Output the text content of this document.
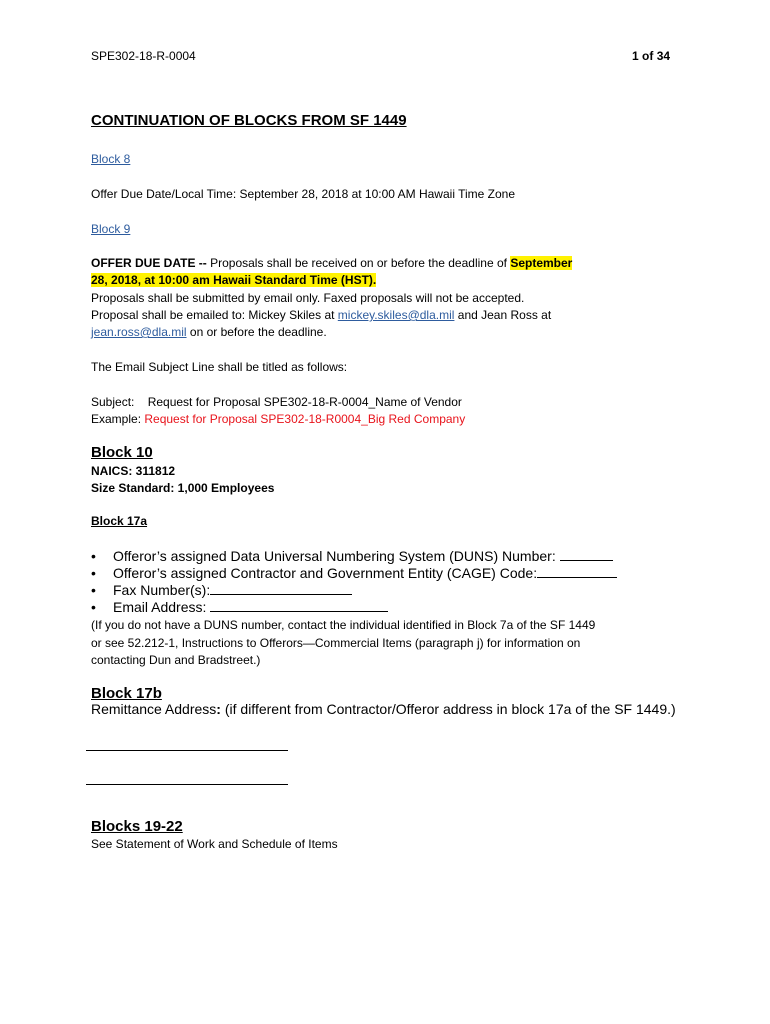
SPE302-18-R-0004	1 of 34
CONTINUATION OF BLOCKS FROM SF 1449
Block 8
Offer Due Date/Local Time: September 28, 2018 at 10:00 AM Hawaii Time Zone
Block 9
OFFER DUE DATE -- Proposals shall be received on or before the deadline of September
28, 2018, at 10:00 am Hawaii Standard Time (HST).
Proposals shall be submitted by email only. Faxed proposals will not be accepted.
Proposal shall be emailed to: Mickey Skiles at mickey.skiles@dla.mil and Jean Ross at
jean.ross@dla.mil on or before the deadline.
The Email Subject Line shall be titled as follows:
Subject:    Request for Proposal SPE302-18-R-0004_Name of Vendor
Example: Request for Proposal SPE302-18-R0004_Big Red Company
Block 10
NAICS: 311812
Size Standard: 1,000 Employees
Block 17a
• Offeror’s assigned Data Universal Numbering System (DUNS) Number:
• Offeror’s assigned Contractor and Government Entity (CAGE) Code:
• Fax Number(s):
• Email Address:
(If you do not have a DUNS number, contact the individual identified in Block 7a of the SF 1449
or see 52.212-1, Instructions to Offerors—Commercial Items (paragraph j) for information on
contacting Dun and Bradstreet.)
Block 17b
Remittance Address: (if different from Contractor/Offeror address in block 17a of the SF 1449.)
Blocks 19-22
See Statement of Work and Schedule of Items
